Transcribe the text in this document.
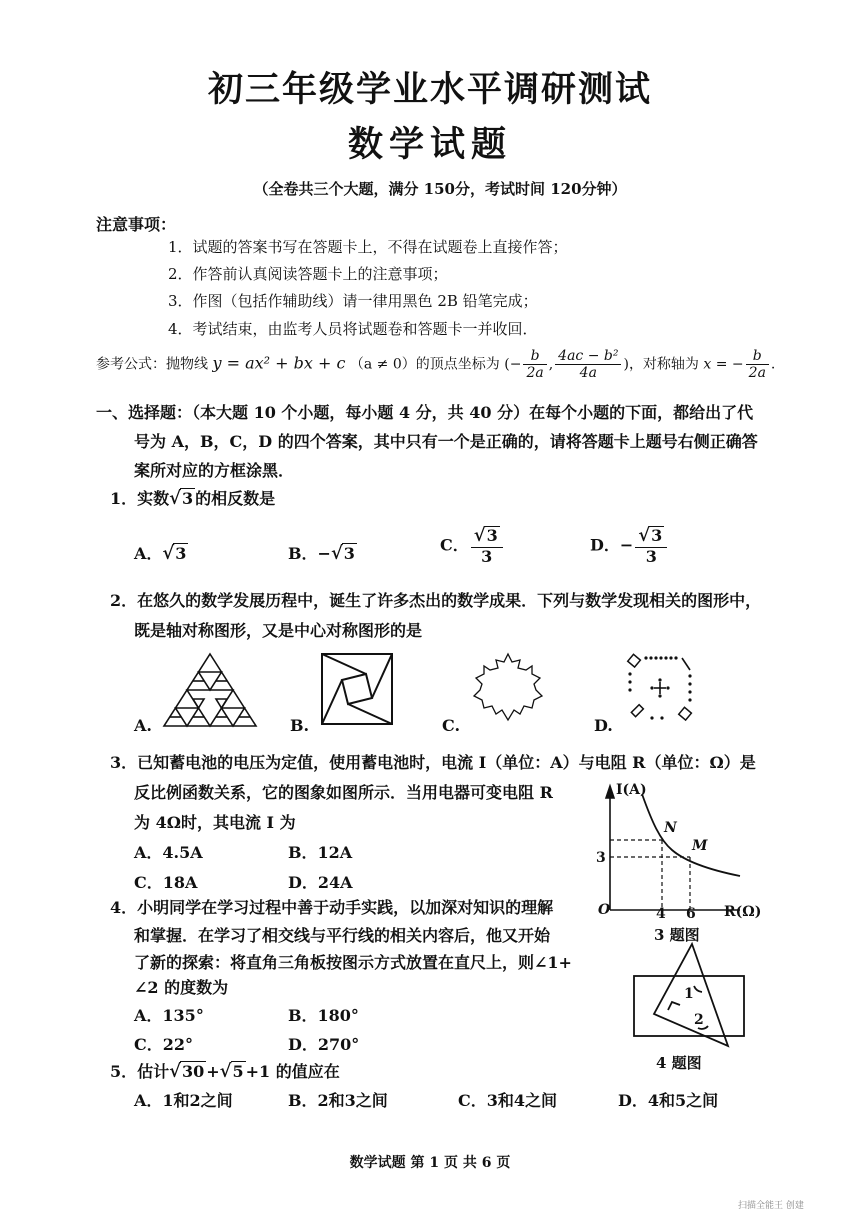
初三年级学业水平调研测试
数学试题
（全卷共三个大题，满分 150分，考试时间 120分钟）
注意事项：
1．试题的答案书写在答题卡上，不得在试题卷上直接作答；
2．作答前认真阅读答题卡上的注意事项；
3．作图（包括作辅助线）请一律用黑色 2B 铅笔完成；
4．考试结束，由监考人员将试题卷和答题卡一并收回．
参考公式：抛物线 y = ax² + bx + c （a ≠ 0）的顶点坐标为 (− $\frac{b}{2a}$ , $\frac{\text{4ac − b²}}{4a}$ )，对称轴为 x = − $\frac{b}{2a}$ .
一、选择题：（本大题 10 个小题，每小题 4 分，共 40 分）在每个小题的下面，都给出了代
号为 A，B，C，D 的四个答案，其中只有一个是正确的，请将答题卡上题号右侧正确答
案所对应的方框涂黑．
1．实数√3 的相反数是
A．√3	B．−√3	C． $\frac{√3}{3}$	D．− $\frac{√3}{3}$
2．在悠久的数学发展历程中，诞生了许多杰出的数学成果．下列与数学发现相关的图形中，
既是轴对称图形，又是中心对称图形的是
A.	B.	C.	D.
3．已知蓄电池的电压为定值，使用蓄电池时，电流 I（单位：A）与电阻 R（单位：Ω）是
反比例函数关系，它的图象如图所示．当用电器可变电阻 R
为 4Ω时，其电流 I 为
A．4.5A	B．12A
C．18A	D．24A
I(A)
R(Ω)
O
N
M
3
4 6
3 题图
4．小明同学在学习过程中善于动手实践，以加深对知识的理解
和掌握．在学习了相交线与平行线的相关内容后，他又开始
了新的探索：将直角三角板按图示方式放置在直尺上，则∠1+
∠2 的度数为
A．135°	B．180°
C．22°	D．270°
1
2
4 题图
5．估计√30 +√5 +1 的值应在
A．1和2之间	B．2和3之间	C．3和4之间	D．4和5之间
数学试题 第 1 页 共 6 页
扫描全能王 创建
